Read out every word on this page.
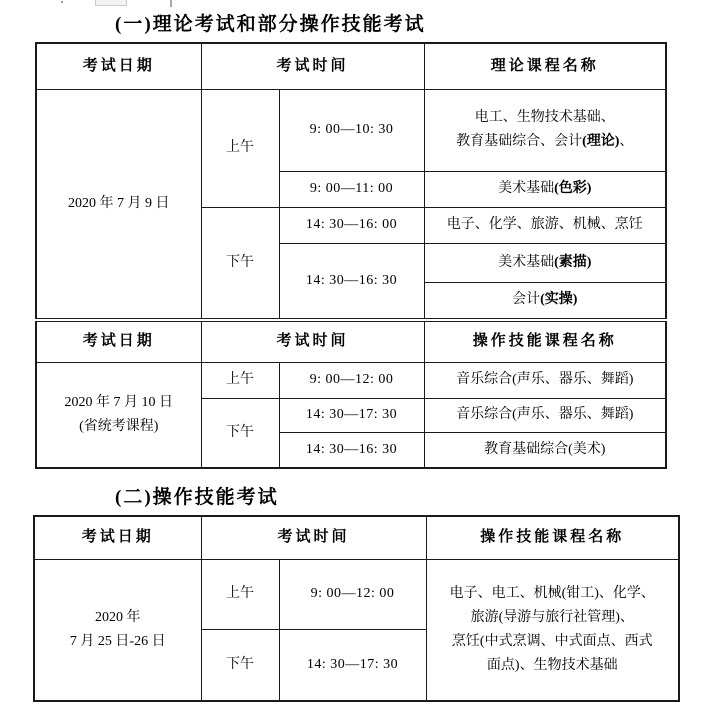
(一)理论考试和部分操作技能考试
考试日期	考试时间		理论课程名称
2020 年 7 月 9 日	上午	9: 00—10: 30	电工、生物技术基础、
教育基础综合、会计(理论)、

		9: 00—11: 00	美术基础(色彩)
	下午	14: 30—16: 00	电子、化学、旅游、机械、烹饪
		14: 30—16: 30	美术基础(素描)
			会计(实操)
考试日期	考试时间		操作技能课程名称

2020 年 7 月 10 日
(省统考课程)	上午	9: 00—12: 00	音乐综合(声乐、器乐、舞蹈)
	下午	14: 30—17: 30	音乐综合(声乐、器乐、舞蹈)
		14: 30—16: 30	教育基础综合(美术)
(二)操作技能考试
考试日期	考试时间		操作技能课程名称

2020 年
7 月 25 日-26 日
	上午	9: 00—12: 00	电子、电工、机械(钳工)、化学、
旅游(导游与旅行社管理)、
烹饪(中式烹调、中式面点、西式
面点)、生物技术基础

	下午	14: 30—17: 30	
